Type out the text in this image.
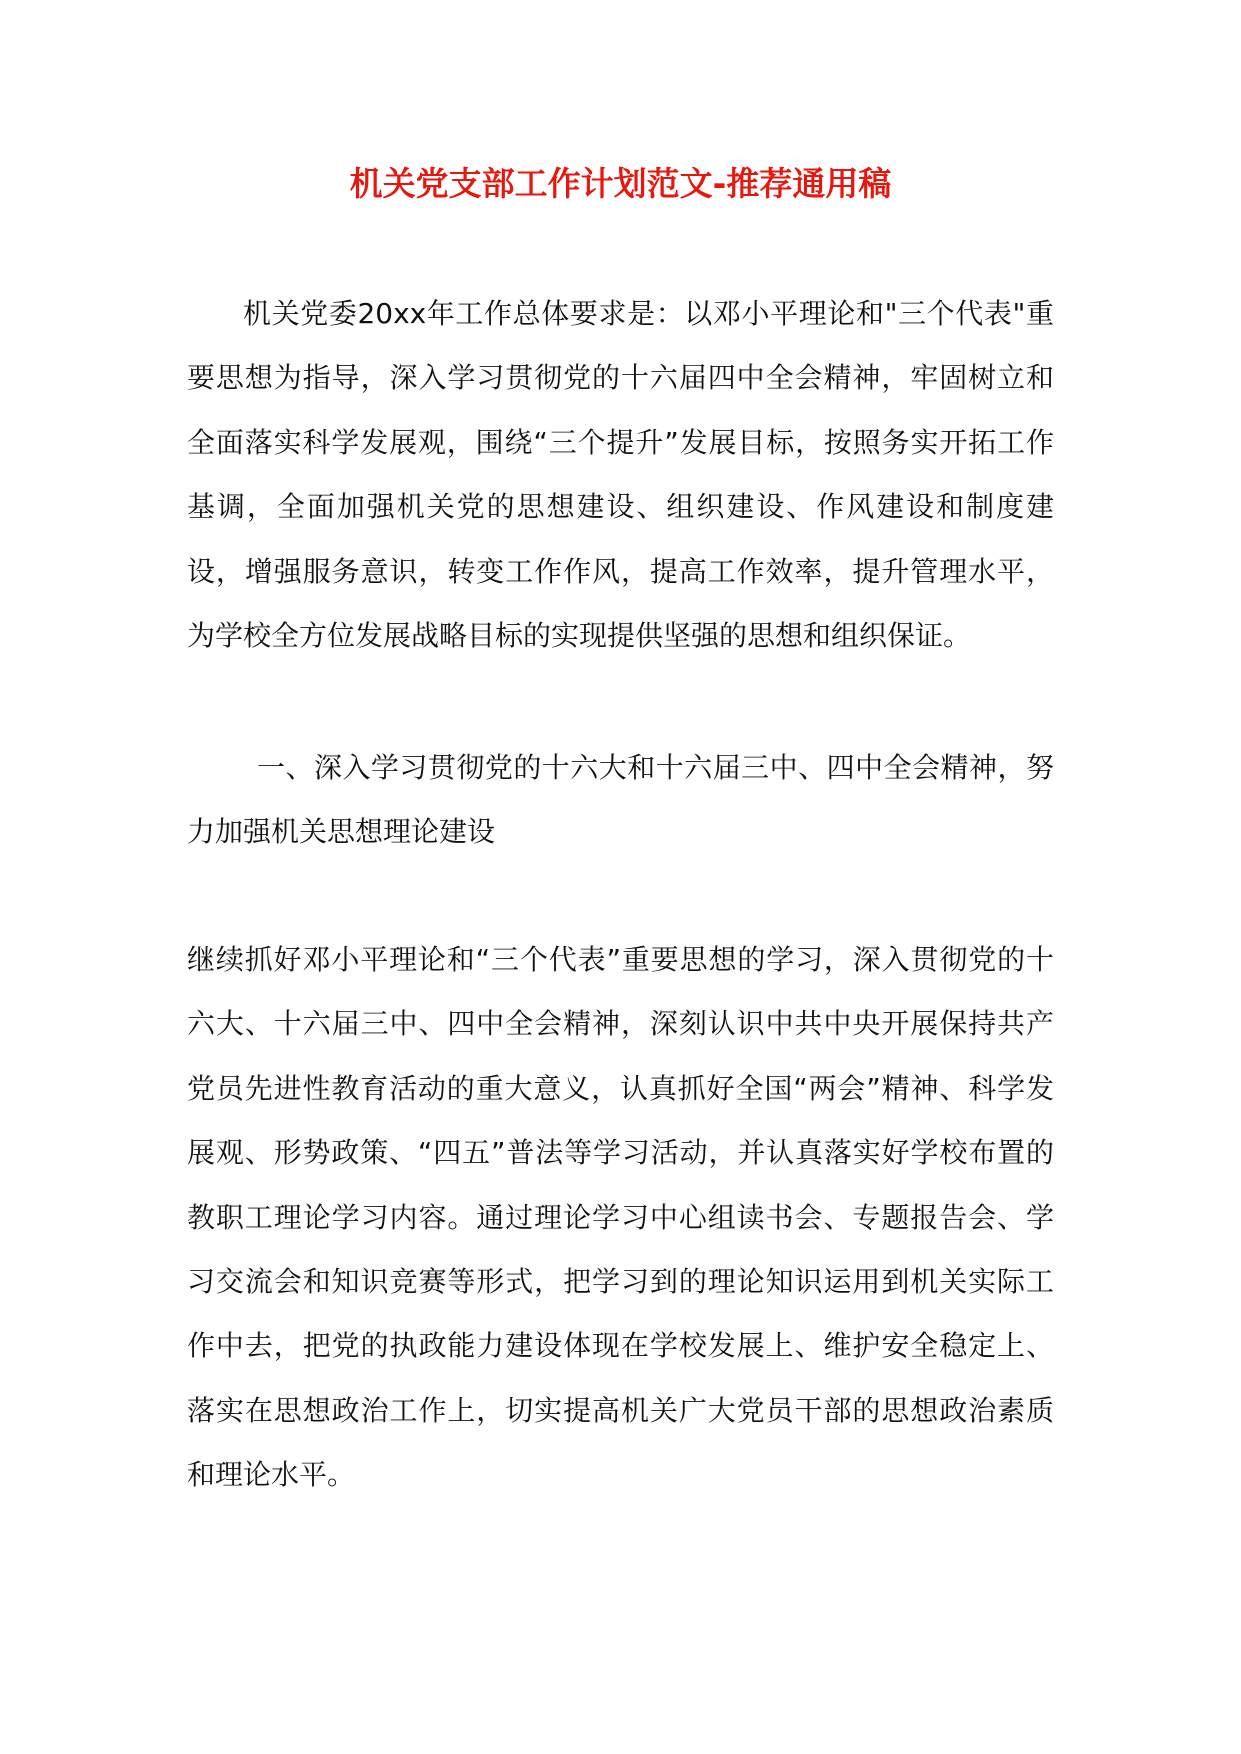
机关党支部工作计划范文-推荐通用稿

机关党委20xx年工作总体要求是：以邓小平理论和"三个代表"重要思想为指导，深入学习贯彻党的十六届四中全会精神，牢固树立和全面落实科学发展观，围绕“三个提升”发展目标，按照务实开拓工作基调，全面加强机关党的思想建设、组织建设、作风建设和制度建设，增强服务意识，转变工作作风，提高工作效率，提升管理水平，为学校全方位发展战略目标的实现提供坚强的思想和组织保证。

一、深入学习贯彻党的十六大和十六届三中、四中全会精神，努力加强机关思想理论建设

继续抓好邓小平理论和“三个代表”重要思想的学习，深入贯彻党的十六大、十六届三中、四中全会精神，深刻认识中共中央开展保持共产党员先进性教育活动的重大意义，认真抓好全国“两会”精神、科学发展观、形势政策、“四五”普法等学习活动，并认真落实好学校布置的教职工理论学习内容。通过理论学习中心组读书会、专题报告会、学习交流会和知识竞赛等形式，把学习到的理论知识运用到机关实际工作中去，把党的执政能力建设体现在学校发展上、维护安全稳定上、落实在思想政治工作上，切实提高机关广大党员干部的思想政治素质和理论水平。
